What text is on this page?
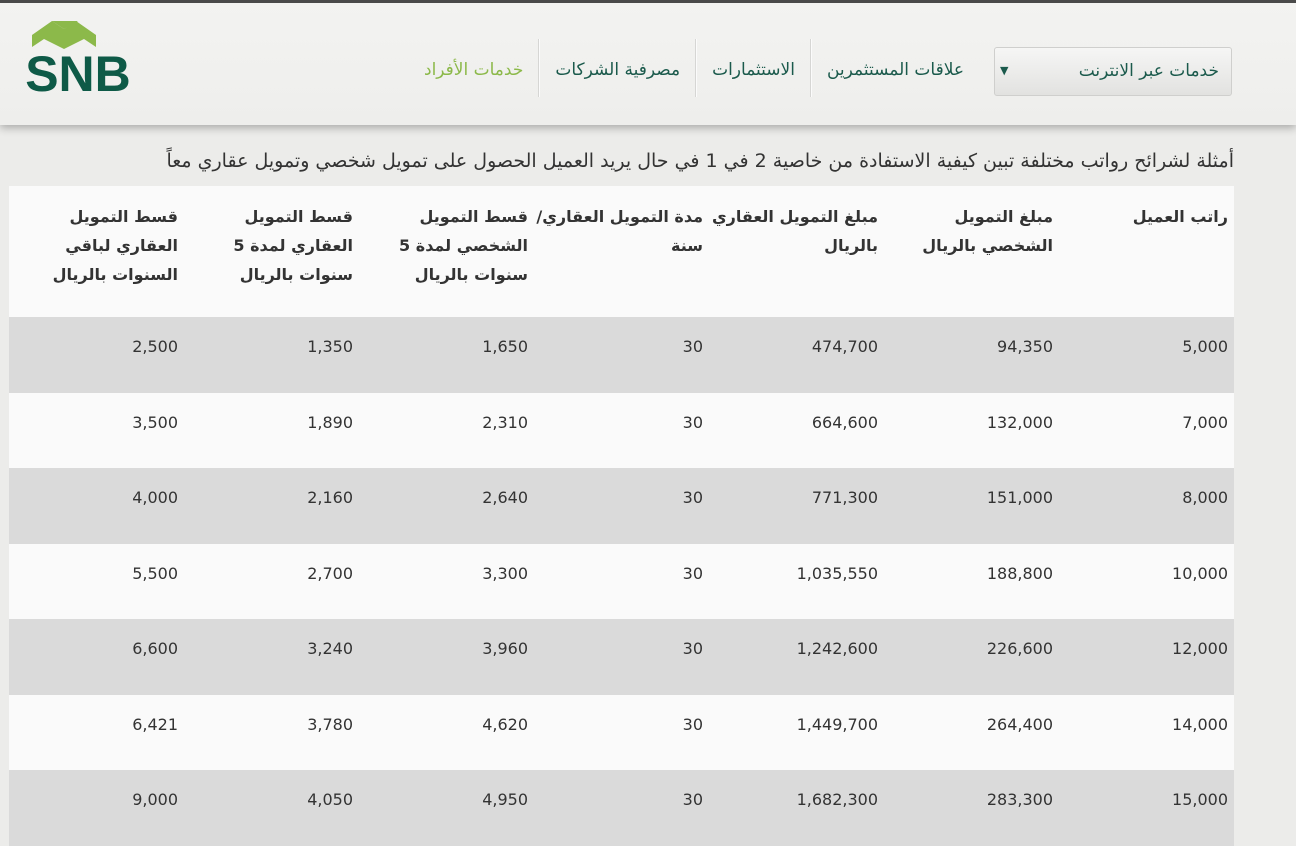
SNB	خدمات الأفراد	مصرفية الشركات	الاستثمارات	علاقات المستثمرين	خدمات عبر الانترنت
▼
أمثلة لشرائح رواتب مختلفة تبين كيفية الاستفادة من خاصية 2 في 1 في حال يريد العميل الحصول على تمويل شخصي وتمويل عقاري معاً
راتب العميل	مبلغ التمويل الشخصي بالريال	مبلغ التمويل العقاري بالريال	مدة التمويل العقاري/ سنة	قسط التمويل الشخصي لمدة 5 سنوات بالريال	قسط التمويل العقاري لمدة 5 سنوات بالريال	قسط التمويل العقاري لباقي السنوات بالريال
5,000	94,350	474,700	30	1,650	1,350	2,500
7,000	132,000	664,600	30	2,310	1,890	3,500
8,000	151,000	771,300	30	2,640	2,160	4,000
10,000	188,800	1,035,550	30	3,300	2,700	5,500
12,000	226,600	1,242,600	30	3,960	3,240	6,600
14,000	264,400	1,449,700	30	4,620	3,780	6,421
15,000	283,300	1,682,300	30	4,950	4,050	9,000
